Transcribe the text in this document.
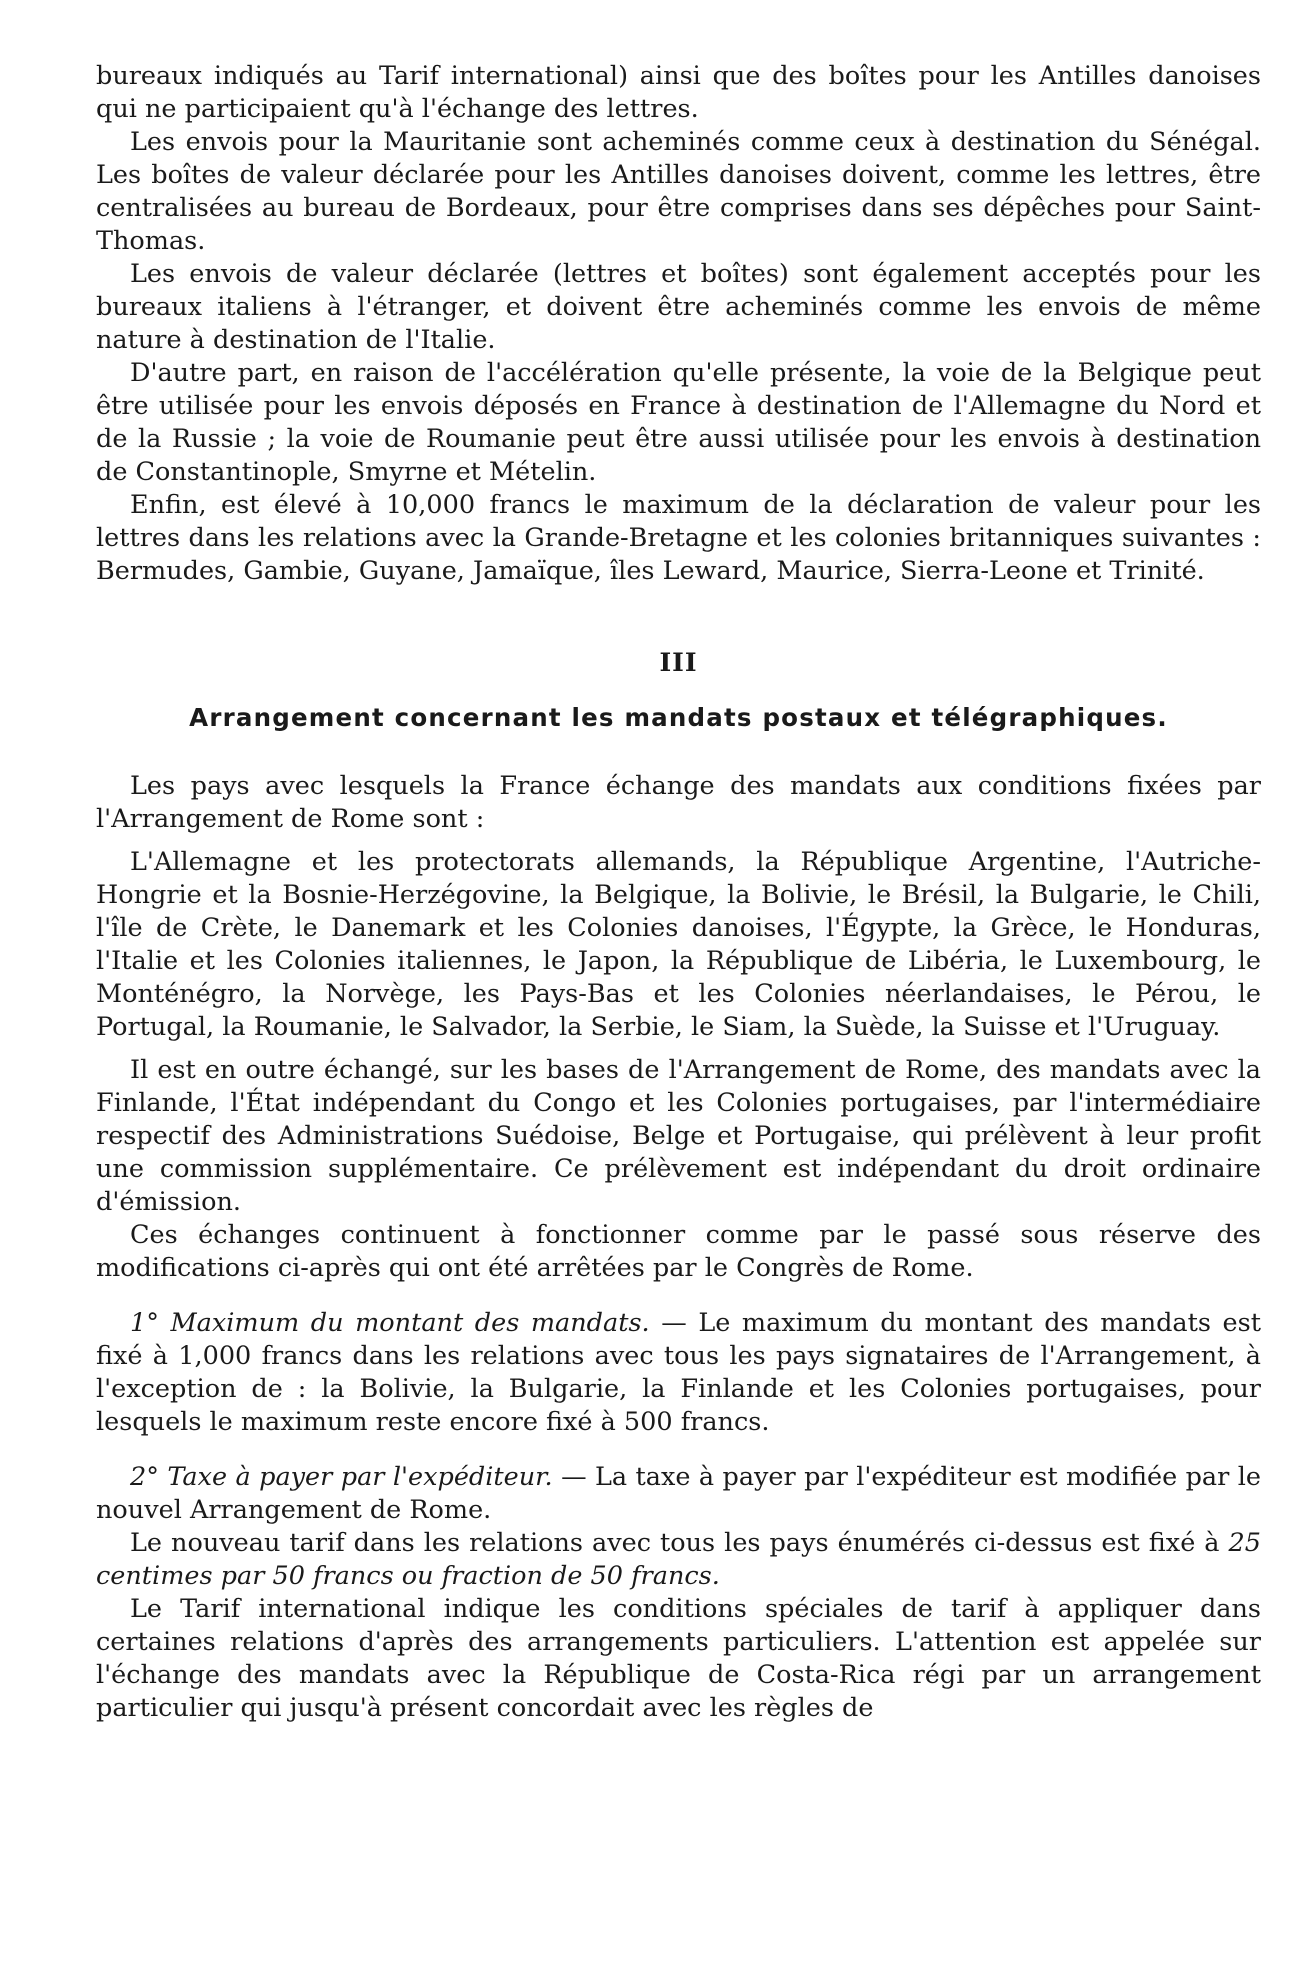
bureaux indiqués au Tarif international) ainsi que des boîtes pour les Antilles danoises qui ne participaient qu'à l'échange des lettres.

Les envois pour la Mauritanie sont acheminés comme ceux à destination du Sénégal. Les boîtes de valeur déclarée pour les Antilles danoises doivent, comme les lettres, être centralisées au bureau de Bordeaux, pour être comprises dans ses dépêches pour Saint-Thomas.

Les envois de valeur déclarée (lettres et boîtes) sont également acceptés pour les bureaux italiens à l'étranger, et doivent être acheminés comme les envois de même nature à destination de l'Italie.

D'autre part, en raison de l'accélération qu'elle présente, la voie de la Belgique peut être utilisée pour les envois déposés en France à destination de l'Allemagne du Nord et de la Russie ; la voie de Roumanie peut être aussi utilisée pour les envois à destination de Constantinople, Smyrne et Mételin.

Enfin, est élevé à 10,000 francs le maximum de la déclaration de valeur pour les lettres dans les relations avec la Grande-Bretagne et les colonies britanniques suivantes : Bermudes, Gambie, Guyane, Jamaïque, îles Leward, Maurice, Sierra-Leone et Trinité.

III
Arrangement concernant les mandats postaux et télégraphiques.

Les pays avec lesquels la France échange des mandats aux conditions fixées par l'Arrangement de Rome sont :

L'Allemagne et les protectorats allemands, la République Argentine, l'Autriche-Hongrie et la Bosnie-Herzégovine, la Belgique, la Bolivie, le Brésil, la Bulgarie, le Chili, l'île de Crète, le Danemark et les Colonies danoises, l'Égypte, la Grèce, le Honduras, l'Italie et les Colonies italiennes, le Japon, la République de Libéria, le Luxembourg, le Monténégro, la Norvège, les Pays-Bas et les Colonies néerlandaises, le Pérou, le Portugal, la Roumanie, le Salvador, la Serbie, le Siam, la Suède, la Suisse et l'Uruguay.

Il est en outre échangé, sur les bases de l'Arrangement de Rome, des mandats avec la Finlande, l'État indépendant du Congo et les Colonies portugaises, par l'intermédiaire respectif des Administrations Suédoise, Belge et Portugaise, qui prélèvent à leur profit une commission supplémentaire. Ce prélèvement est indépendant du droit ordinaire d'émission.

Ces échanges continuent à fonctionner comme par le passé sous réserve des modifications ci-après qui ont été arrêtées par le Congrès de Rome.

1° Maximum du montant des mandats. — Le maximum du montant des mandats est fixé à 1,000 francs dans les relations avec tous les pays signataires de l'Arrangement, à l'exception de : la Bolivie, la Bulgarie, la Finlande et les Colonies portugaises, pour lesquels le maximum reste encore fixé à 500 francs.

2° Taxe à payer par l'expéditeur. — La taxe à payer par l'expéditeur est modifiée par le nouvel Arrangement de Rome.

Le nouveau tarif dans les relations avec tous les pays énumérés ci-dessus est fixé à 25 centimes par 50 francs ou fraction de 50 francs.

Le Tarif international indique les conditions spéciales de tarif à appliquer dans certaines relations d'après des arrangements particuliers. L'attention est appelée sur l'échange des mandats avec la République de Costa-Rica régi par un arrangement particulier qui jusqu'à présent concordait avec les règles de
